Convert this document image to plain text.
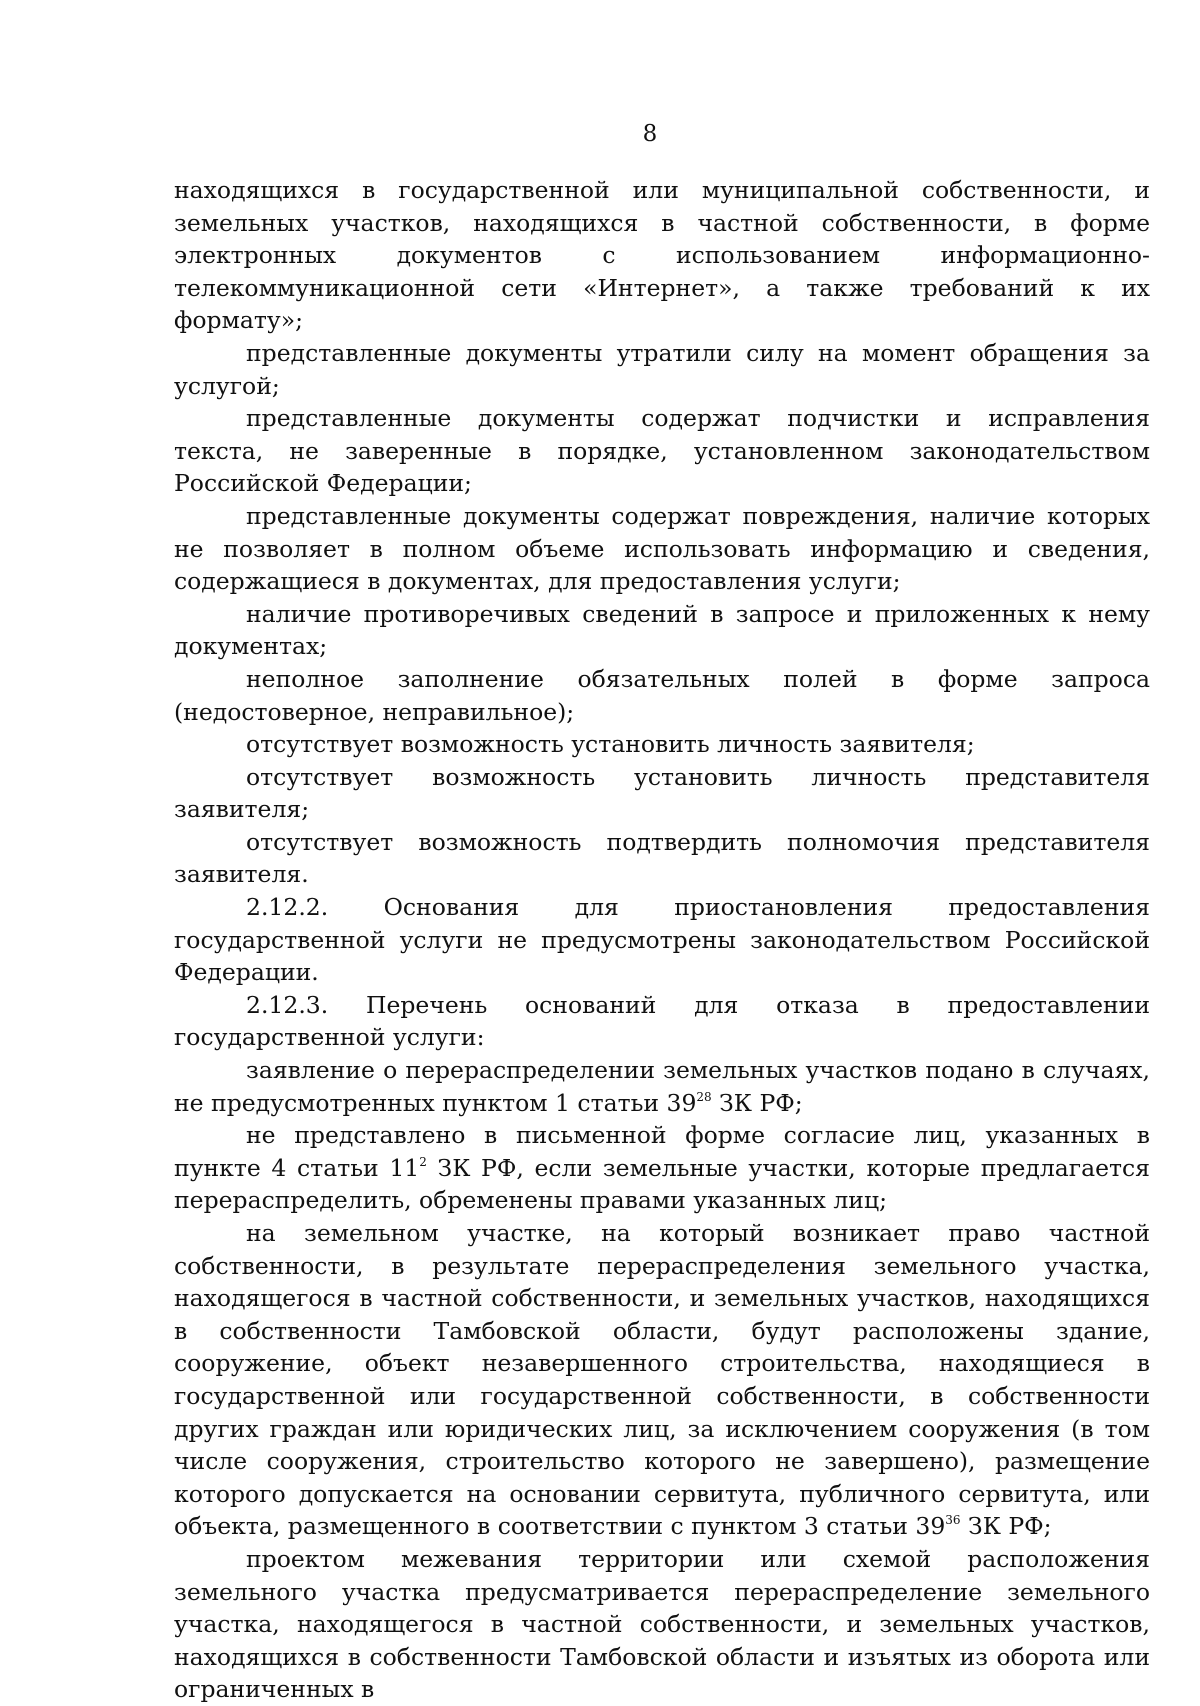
8

находящихся в государственной или муниципальной собственности, и земельных участков, находящихся в частной собственности, в форме электронных документов с использованием информационно-телекоммуникационной сети «Интернет», а также требований к их формату»;

представленные документы утратили силу на момент обращения за услугой;

представленные документы содержат подчистки и исправления текста, не заверенные в порядке, установленном законодательством Российской Федерации;

представленные документы содержат повреждения, наличие которых не позволяет в полном объеме использовать информацию и сведения, содержащиеся в документах, для предоставления услуги;

наличие противоречивых сведений в запросе и приложенных к нему документах;

неполное заполнение обязательных полей в форме запроса (недостоверное, неправильное);

отсутствует возможность установить личность заявителя;

отсутствует возможность установить личность представителя заявителя;

отсутствует возможность подтвердить полномочия представителя заявителя.

2.12.2. Основания для приостановления предоставления государственной услуги не предусмотрены законодательством Российской Федерации.

2.12.3. Перечень оснований для отказа в предоставлении государственной услуги:

заявление о перераспределении земельных участков подано в случаях, не предусмотренных пунктом 1 статьи $39^{28}$ ЗК РФ;

не представлено в письменной форме согласие лиц, указанных в пункте 4 статьи $11^2$ ЗК РФ, если земельные участки, которые предлагается перераспределить, обременены правами указанных лиц;

на земельном участке, на который возникает право частной собственности, в результате перераспределения земельного участка, находящегося в частной собственности, и земельных участков, находящихся в собственности Тамбовской области, будут расположены здание, сооружение, объект незавершенного строительства, находящиеся в государственной или государственной собственности, в собственности других граждан или юридических лиц, за исключением сооружения (в том числе сооружения, строительство которого не завершено), размещение которого допускается на основании сервитута, публичного сервитута, или объекта, размещенного в соответствии с пунктом 3 статьи $39^{36}$ ЗК РФ;

проектом межевания территории или схемой расположения земельного участка предусматривается перераспределение земельного участка, находящегося в частной собственности, и земельных участков, находящихся в собственности Тамбовской области и изъятых из оборота или ограниченных в
